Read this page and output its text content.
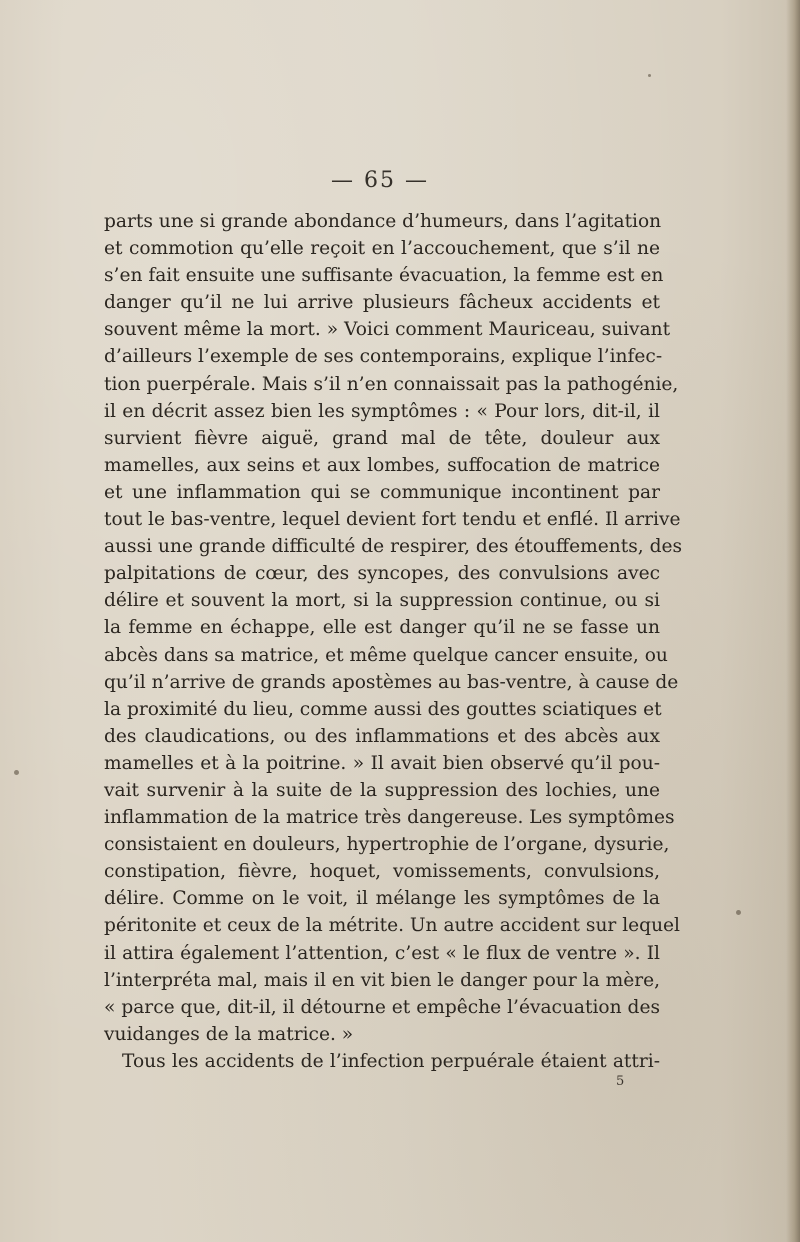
— 65 —
parts une si grande abondance d’humeurs, dans l’agitation
et commotion qu’elle reçoit en l’accouchement, que s’il ne
s’en fait ensuite une suffisante évacuation, la femme est en
danger qu’il ne lui arrive plusieurs fâcheux accidents et
souvent même la mort. » Voici comment Mauriceau, suivant
d’ailleurs l’exemple de ses contemporains, explique l’infec-
tion puerpérale. Mais s’il n’en connaissait pas la pathogénie,
il en décrit assez bien les symptômes : « Pour lors, dit-il, il
survient fièvre aiguë, grand mal de tête, douleur aux
mamelles, aux seins et aux lombes, suffocation de matrice
et une inflammation qui se communique incontinent par
tout le bas-ventre, lequel devient fort tendu et enflé. Il arrive
aussi une grande difficulté de respirer, des étouffements, des
palpitations de cœur, des syncopes, des convulsions avec
délire et souvent la mort, si la suppression continue, ou si
la femme en échappe, elle est danger qu’il ne se fasse un
abcès dans sa matrice, et même quelque cancer ensuite, ou
qu’il n’arrive de grands apostèmes au bas-ventre, à cause de
la proximité du lieu, comme aussi des gouttes sciatiques et
des claudications, ou des inflammations et des abcès aux
mamelles et à la poitrine. » Il avait bien observé qu’il pou-
vait survenir à la suite de la suppression des lochies, une
inflammation de la matrice très dangereuse. Les symptômes
consistaient en douleurs, hypertrophie de l’organe, dysurie,
constipation, fièvre, hoquet, vomissements, convulsions,
délire. Comme on le voit, il mélange les symptômes de la
péritonite et ceux de la métrite. Un autre accident sur lequel
il attira également l’attention, c’est « le flux de ventre ». Il
l’interpréta mal, mais il en vit bien le danger pour la mère,
« parce que, dit-il, il détourne et empêche l’évacuation des
vuidanges de la matrice. »
Tous les accidents de l’infection perpuérale étaient attri-
5
